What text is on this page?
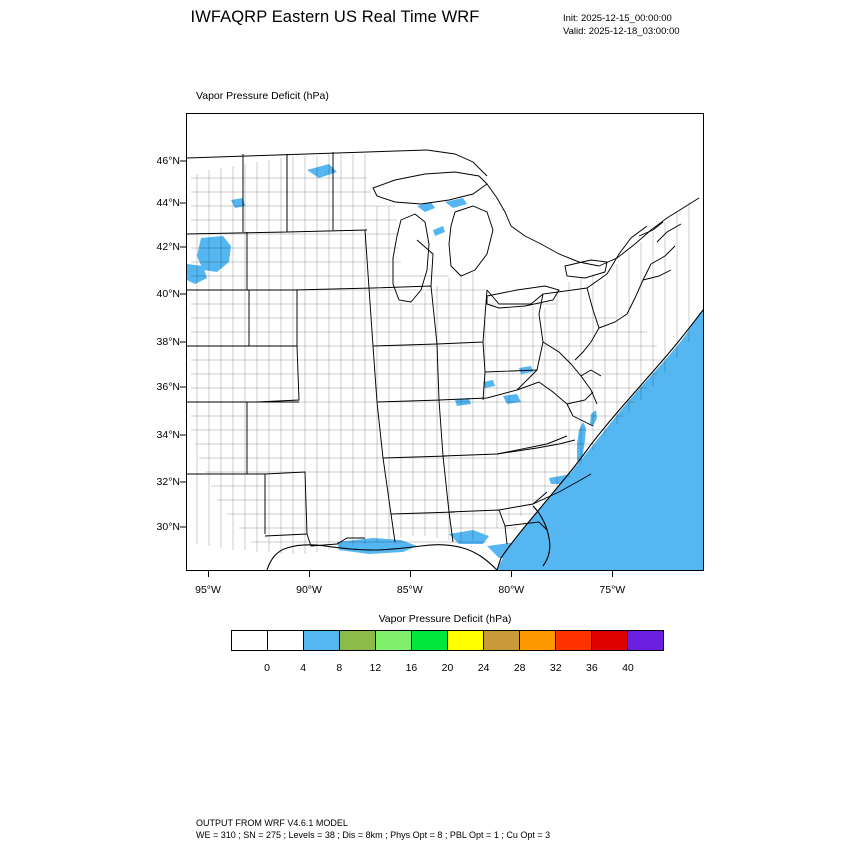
IWFAQRP Eastern US Real Time WRF	Init: 2025-12-15_00:00:00
Valid: 2025-12-18_03:00:00
Vapor Pressure Deficit (hPa)
46°N
44°N
42°N
40°N
38°N
36°N
34°N
32°N
30°N
95°W	90°W	85°W	80°W	75°W
Vapor Pressure Deficit (hPa)
0	4	8	12 16 20 24 28 32 36 40
OUTPUT FROM WRF V4.6.1 MODEL
WE = 310 ; SN = 275 ; Levels = 38 ; Dis = 8km ; Phys Opt = 8 ; PBL Opt = 1 ; Cu Opt = 3
